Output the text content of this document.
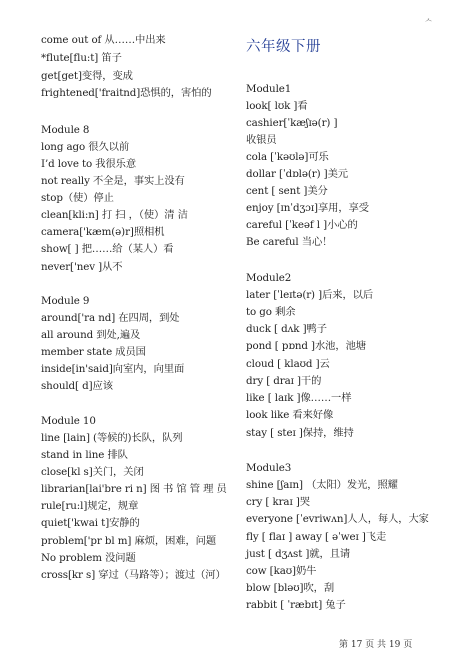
ᄉ
come out of 从……中出来
*flute[flu:t] 笛子
get[get]变得，变成
frightened['fraitnd]恐惧的，害怕的
Module 8
long ago 很久以前
I’d love to 我很乐意
not really 不全是，事实上没有
stop（使）停止
clean[kli:n] 打 扫 ，（使）清 洁
camera['kæm(ə)r]照相机
show[ ] 把……给（某人）看
never['nev ]从不
Module 9
around['ra nd] 在四周，到处
all around 到处,遍及
member state 成员国
inside[in'said]向室内，向里面
should[ d]应该
Module 10
line [lain] (等候的)长队，队列
stand in line 排队
close[kl s]关门，关闭
librarian[lai'bre ri n] 图 书 馆 管 理 员
rule[ru:l]规定，规章
quiet['kwai t]安静的
problem['pr bl m] 麻烦，困难，问题
No problem 没问题
cross[kr s] 穿过（马路等）；渡过（河）
六年级下册
Module1
look[ lʊk ]看
cashier[ˈkæʃɪə(r) ]
收银员
cola [ˈkəʊlə]可乐
dollar [ˈdɒlə(r) ]美元
cent [ sent ]美分
enjoy [ɪnˈdʒɔɪ]享用，享受
careful [ˈkeəf l ]小心的
Be careful 当心！
Module2
later [ˈleɪtə(r) ]后来，以后
to go 剩余
duck [ dʌk ]鸭子
pond [ pɒnd ]水池，池塘
cloud [ klaʊd ]云
dry [ draɪ ]干的
like [ laɪk ]像……一样
look like 看来好像
stay [ steɪ ]保持，维持
Module3
shine [ʃaɪn] （太阳）发光，照耀
cry [ kraɪ ]哭
everyone [ˈevriwʌn]人人，每人，大家
fly [ flaɪ ] away [ əˈweɪ ]飞走
just [ dʒʌst ]就，且请
cow [kaʊ]奶牛
blow [bləʊ]吹，刮
rabbit [ ˈræbɪt] 兔子
第 17 页 共 19 页
